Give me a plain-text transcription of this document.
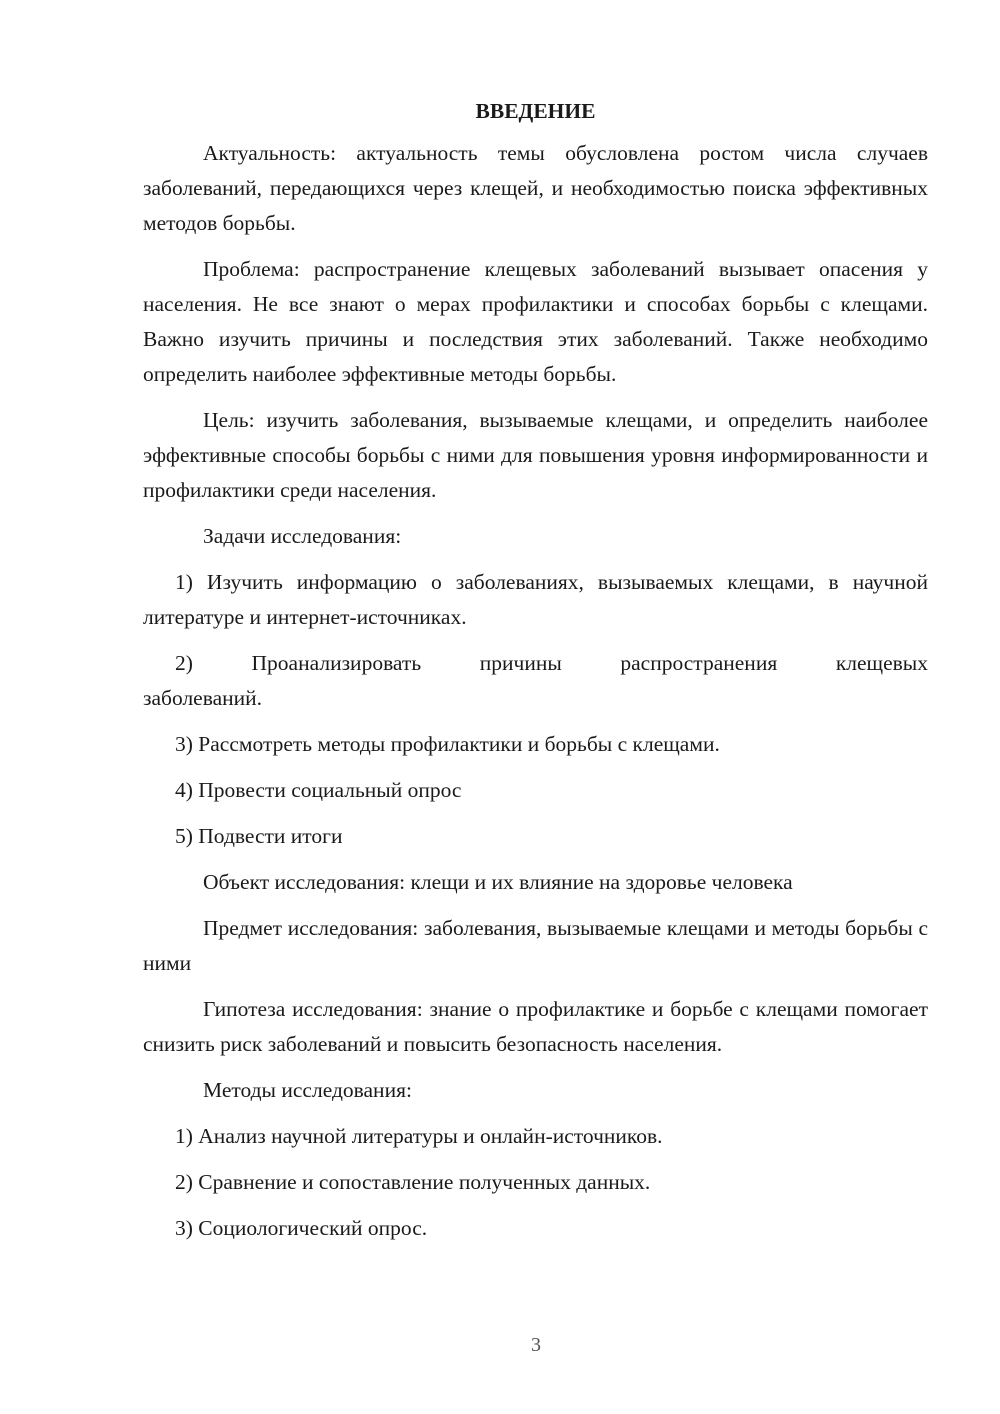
ВВЕДЕНИЕ

Актуальность: актуальность темы обусловлена ростом числа случаев заболеваний, передающихся через клещей, и необходимостью поиска эффективных методов борьбы.

Проблема: распространение клещевых заболеваний вызывает опасения у населения. Не все знают о мерах профилактики и способах борьбы с клещами. Важно изучить причины и последствия этих заболеваний. Также необходимо определить наиболее эффективные методы борьбы.

Цель: изучить заболевания, вызываемые клещами, и определить наиболее эффективные способы борьбы с ними для повышения уровня информированности и профилактики среди населения.

Задачи исследования:

1) Изучить информацию о заболеваниях, вызываемых клещами, в научной литературе и интернет-источниках.

2) Проанализировать причины распространения клещевых

заболеваний.

3) Рассмотреть методы профилактики и борьбы с клещами.

4) Провести социальный опрос

5) Подвести итоги

Объект исследования: клещи и их влияние на здоровье человека

Предмет исследования: заболевания, вызываемые клещами и методы борьбы с ними

Гипотеза исследования: знание о профилактике и борьбе с клещами помогает снизить риск заболеваний и повысить безопасность населения.

Методы исследования:

1) Анализ научной литературы и онлайн-источников.

2) Сравнение и сопоставление полученных данных.

3) Социологический опрос.

3
